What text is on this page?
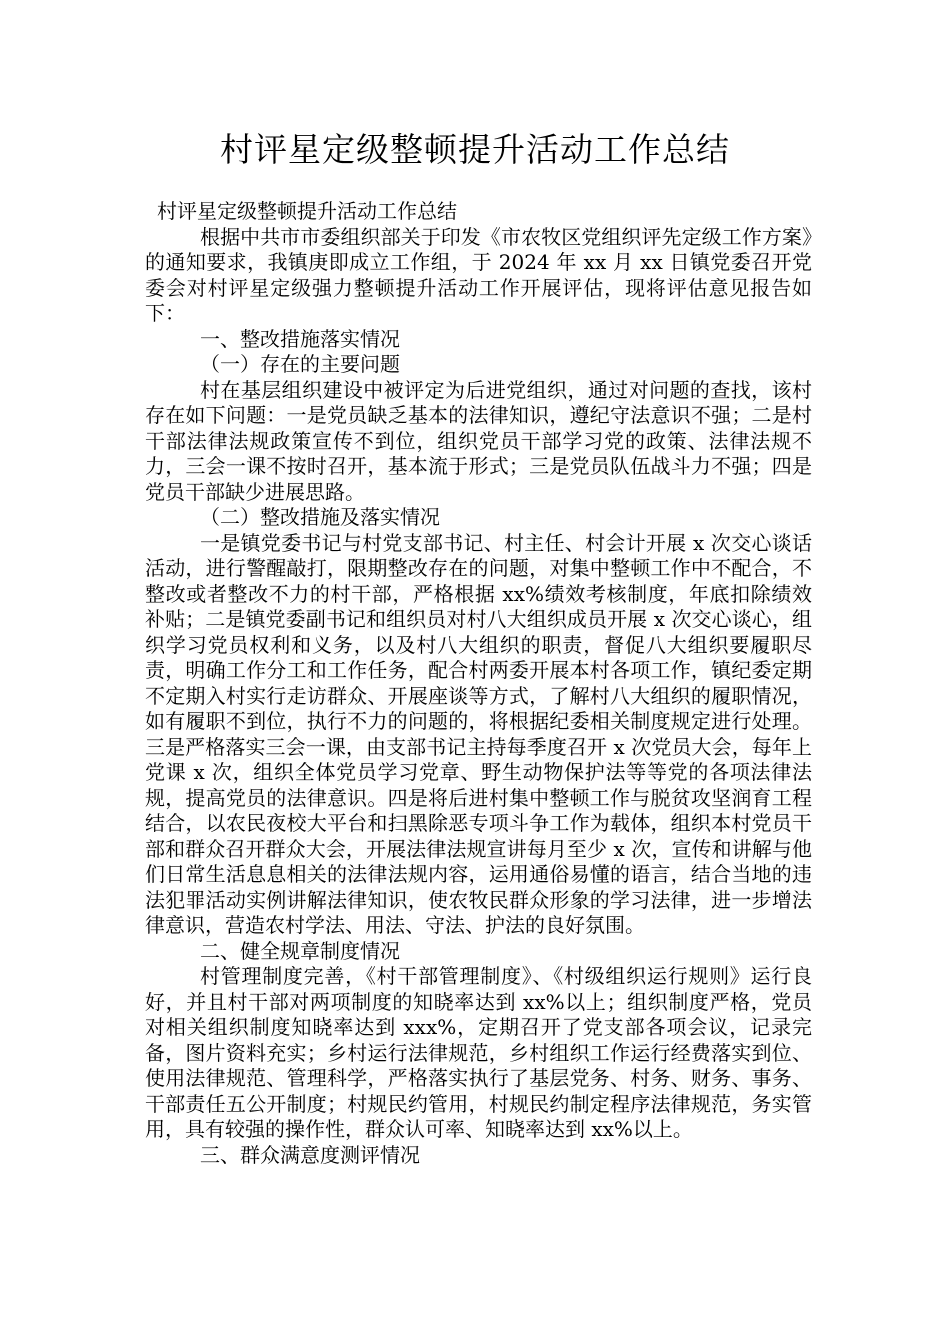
村评星定级整顿提升活动工作总结

村评星定级整顿提升活动工作总结

根据中共市市委组织部关于印发《市农牧区党组织评先定级工作方案》的通知要求，我镇庚即成立工作组，于 2024 年 xx 月 xx 日镇党委召开党委会对村评星定级强力整顿提升活动工作开展评估，现将评估意见报告如下：

一、整改措施落实情况

（一）存在的主要问题

村在基层组织建设中被评定为后进党组织，通过对问题的查找，该村存在如下问题：一是党员缺乏基本的法律知识，遵纪守法意识不强；二是村干部法律法规政策宣传不到位，组织党员干部学习党的政策、法律法规不力，三会一课不按时召开，基本流于形式；三是党员队伍战斗力不强；四是党员干部缺少进展思路。

（二）整改措施及落实情况

一是镇党委书记与村党支部书记、村主任、村会计开展 x 次交心谈话活动，进行警醒敲打，限期整改存在的问题，对集中整顿工作中不配合，不整改或者整改不力的村干部，严格根据 xx%绩效考核制度，年底扣除绩效补贴；二是镇党委副书记和组织员对村八大组织成员开展 x 次交心谈心，组织学习党员权利和义务，以及村八大组织的职责，督促八大组织要履职尽责，明确工作分工和工作任务，配合村两委开展本村各项工作，镇纪委定期不定期入村实行走访群众、开展座谈等方式，了解村八大组织的履职情况，如有履职不到位，执行不力的问题的，将根据纪委相关制度规定进行处理。三是严格落实三会一课，由支部书记主持每季度召开 x 次党员大会，每年上党课 x 次，组织全体党员学习党章、野生动物保护法等等党的各项法律法规，提高党员的法律意识。四是将后进村集中整顿工作与脱贫攻坚润育工程结合，以农民夜校大平台和扫黑除恶专项斗争工作为载体，组织本村党员干部和群众召开群众大会，开展法律法规宣讲每月至少 x 次，宣传和讲解与他们日常生活息息相关的法律法规内容，运用通俗易懂的语言，结合当地的违法犯罪活动实例讲解法律知识，使农牧民群众形象的学习法律，进一步增法律意识，营造农村学法、用法、守法、护法的良好氛围。

二、健全规章制度情况

村管理制度完善，《村干部管理制度》、《村级组织运行规则》运行良好，并且村干部对两项制度的知晓率达到 xx%以上；组织制度严格，党员对相关组织制度知晓率达到 xxx%，定期召开了党支部各项会议，记录完备，图片资料充实；乡村运行法律规范，乡村组织工作运行经费落实到位、使用法律规范、管理科学，严格落实执行了基层党务、村务、财务、事务、干部责任五公开制度；村规民约管用，村规民约制定程序法律规范，务实管用，具有较强的操作性，群众认可率、知晓率达到 xx%以上。

三、群众满意度测评情况
